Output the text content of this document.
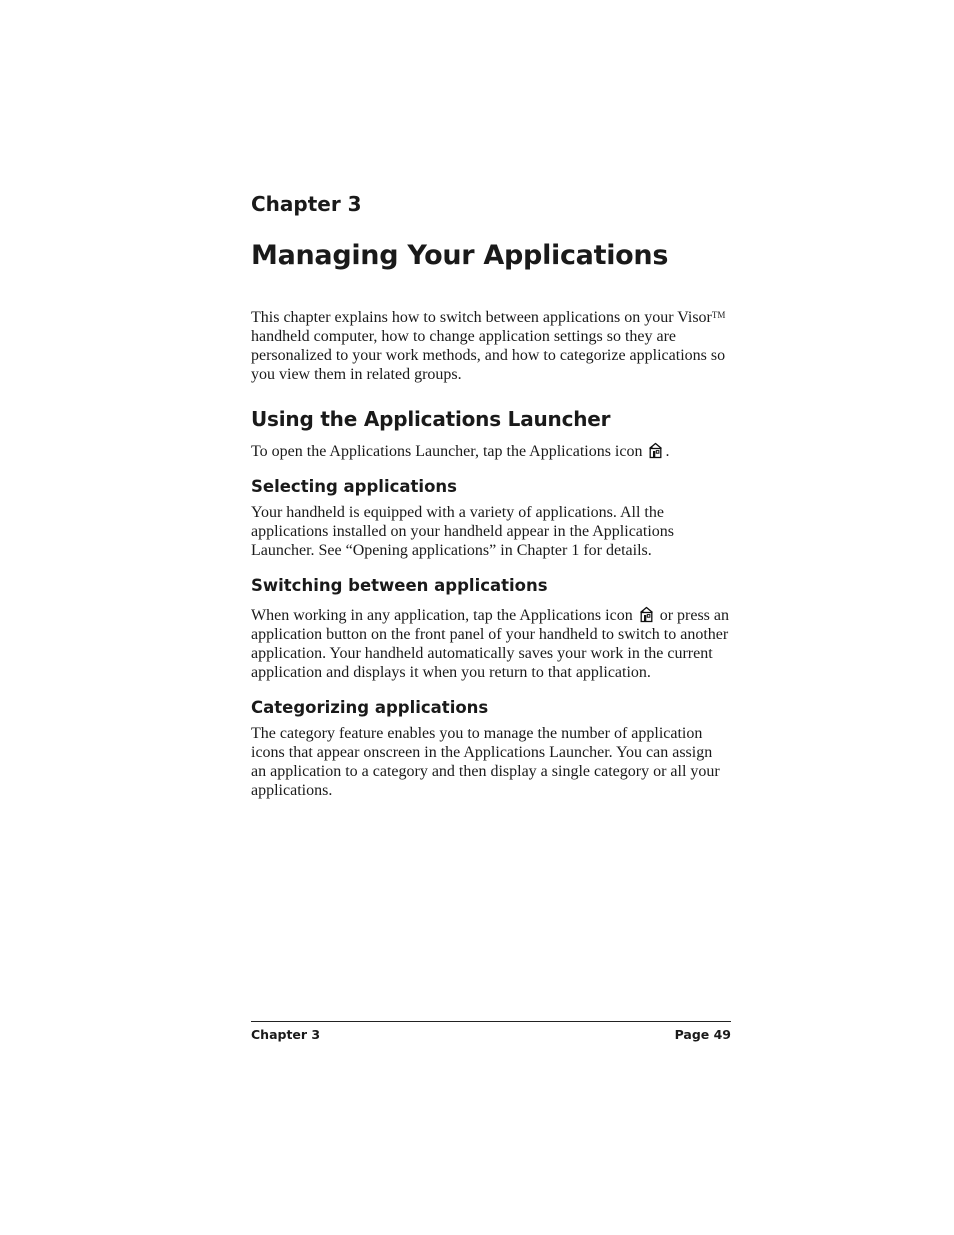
Chapter 3
Managing Your Applications

This chapter explains how to switch between applications on your Visor™ handheld computer, how to change application settings so they are personalized to your work methods, and how to categorize applications so you view them in related groups.

Using the Applications Launcher

To open the Applications Launcher, tap the Applications icon .

Selecting applications

Your handheld is equipped with a variety of applications. All the applications installed on your handheld appear in the Applications Launcher. See “Opening applications” in Chapter 1 for details.

Switching between applications

When working in any application, tap the Applications icon  or press an application button on the front panel of your handheld to switch to another application. Your handheld automatically saves your work in the current application and displays it when you return to that application.

Categorizing applications

The category feature enables you to manage the number of application icons that appear onscreen in the Applications Launcher. You can assign an application to a category and then display a single category or all your applications.

Chapter 3	Page 49
